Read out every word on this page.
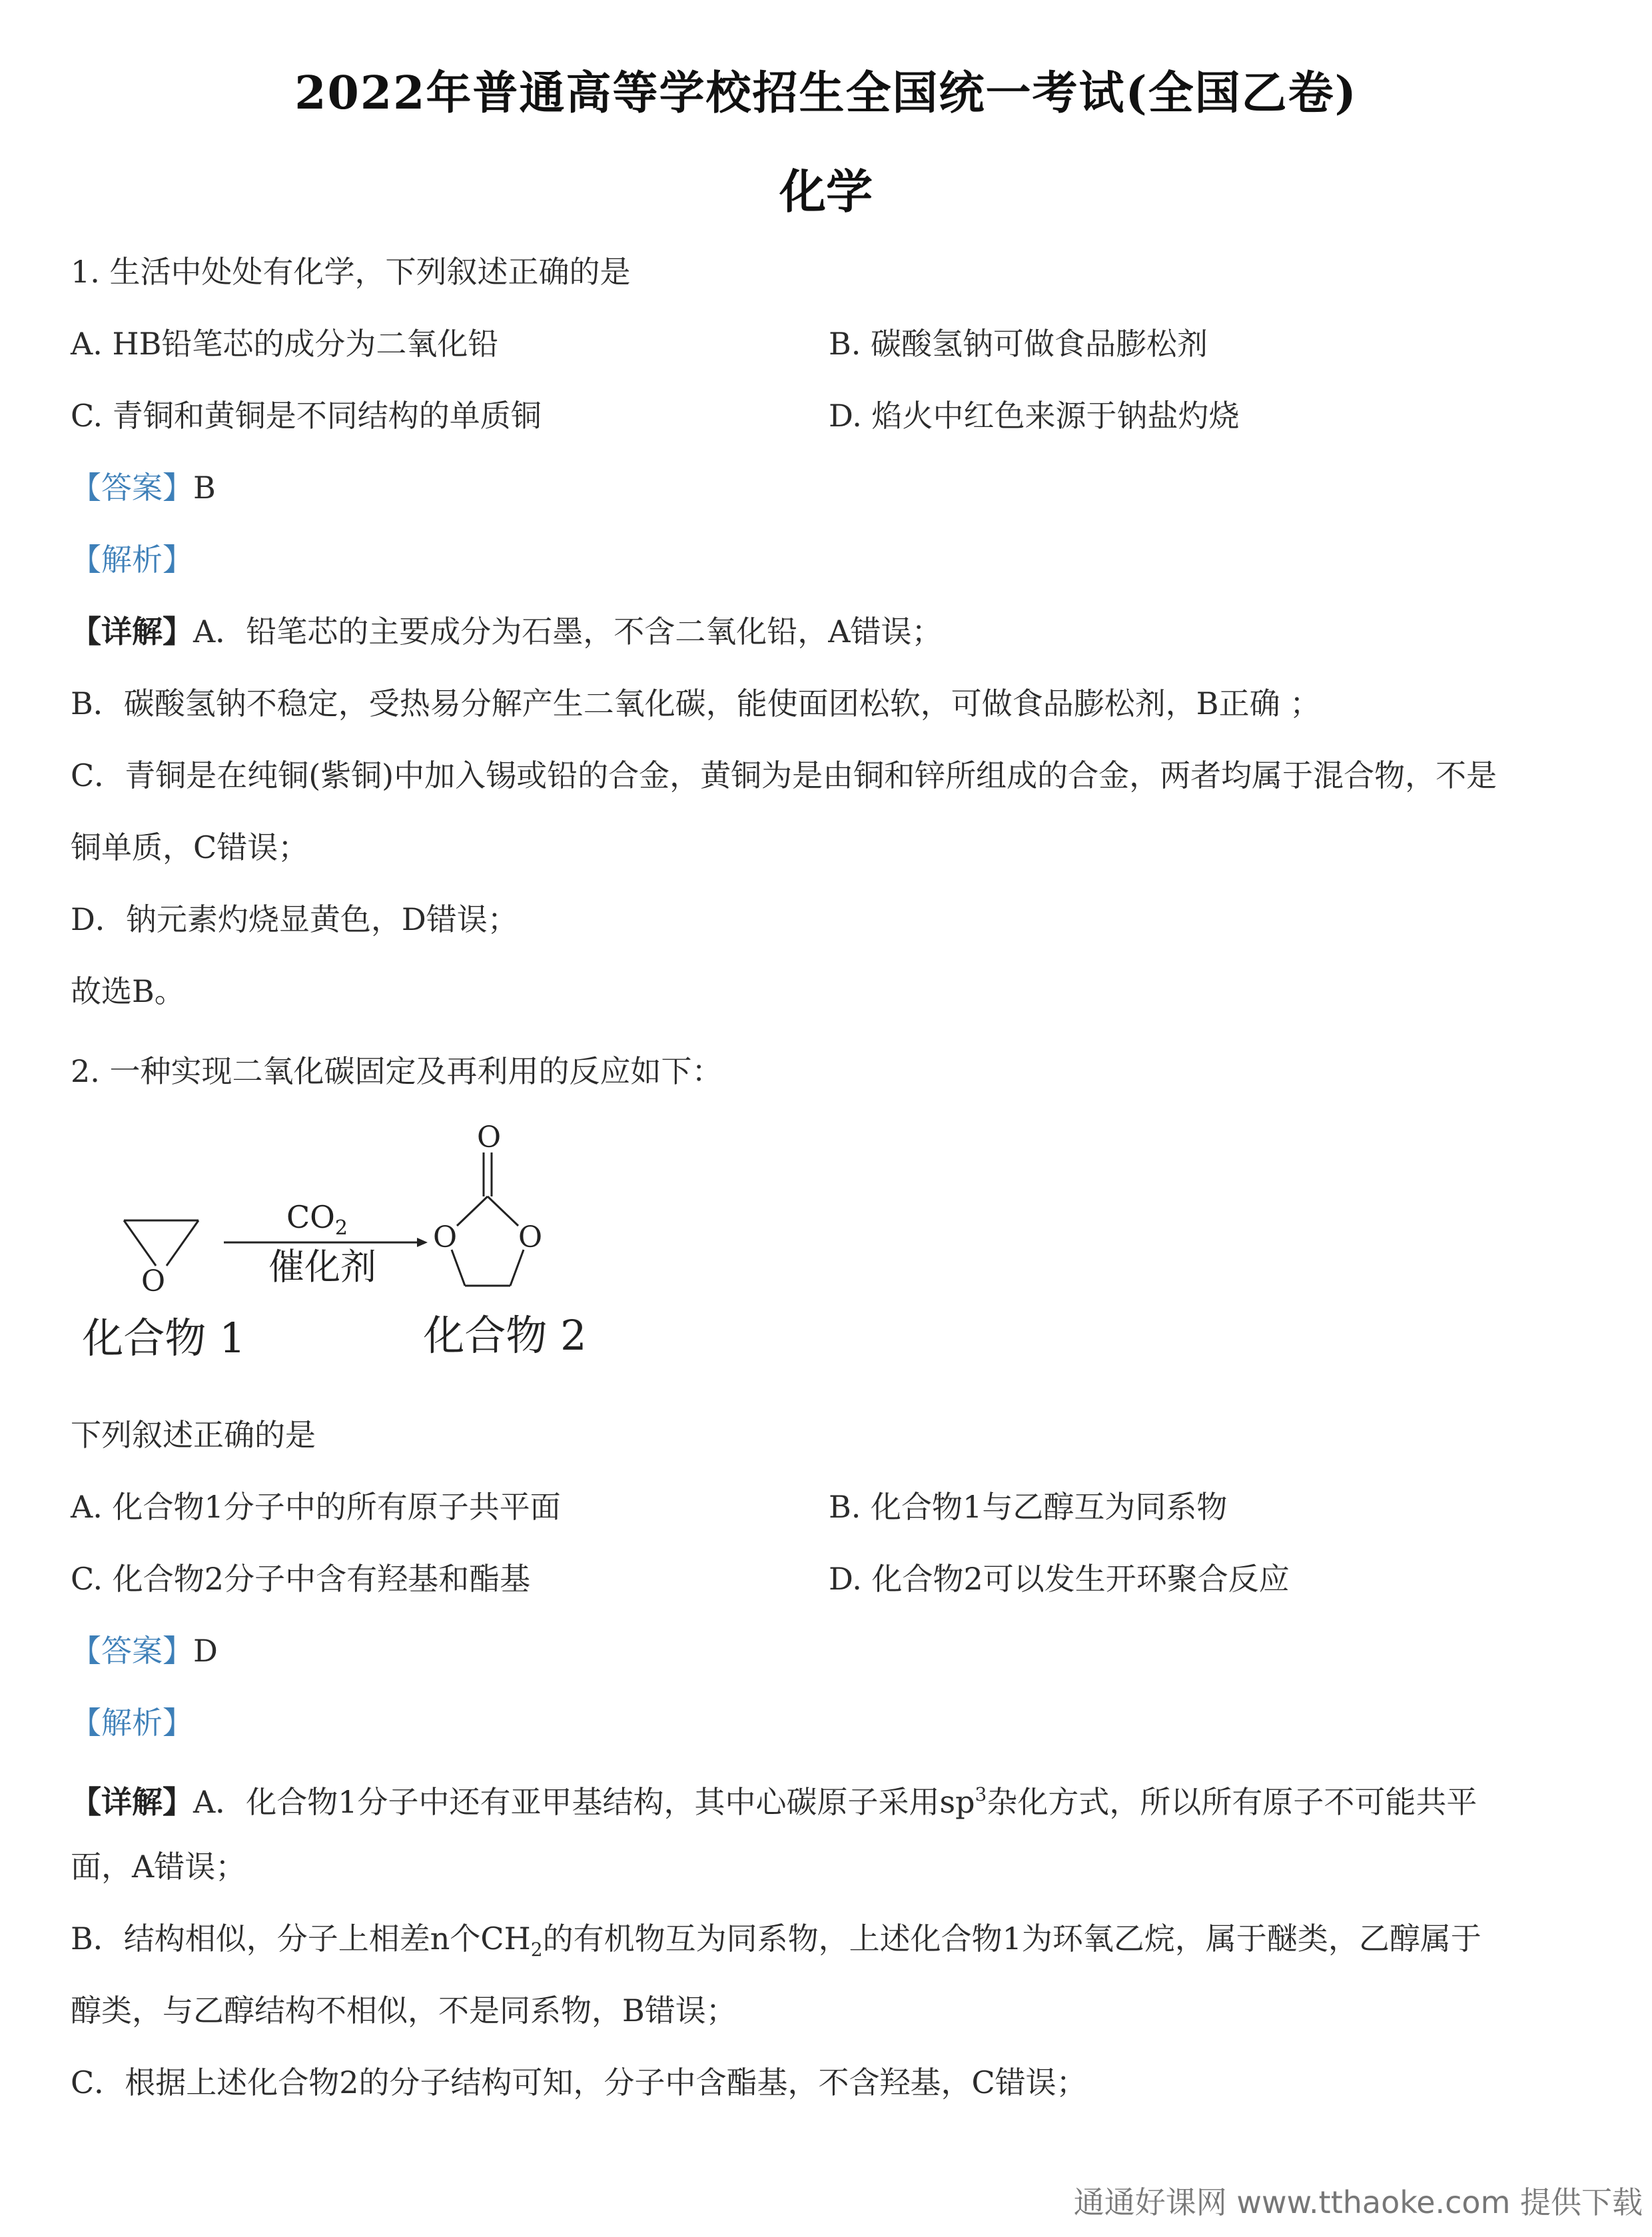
2022年普通高等学校招生全国统一考试(全国乙卷)
化学
1. 生活中处处有化学，下列叙述正确的是
A. HB铅笔芯的成分为二氧化铅	B. 碳酸氢钠可做食品膨松剂
C. 青铜和黄铜是不同结构的单质铜	D. 焰火中红色来源于钠盐灼烧
【答案】B
【解析】
【详解】A．铅笔芯的主要成分为石墨，不含二氧化铅，A错误；
B．碳酸氢钠不稳定，受热易分解产生二氧化碳，能使面团松软，可做食品膨松剂，B正确 ；
C．青铜是在纯铜(紫铜)中加入锡或铅的合金，黄铜为是由铜和锌所组成的合金，两者均属于混合物，不是
铜单质，C错误；
D．钠元素灼烧显黄色，D错误；
故选B。
2. 一种实现二氧化碳固定及再利用的反应如下：
O
$CO_2$
催化剂
O
O O
化合物 1	化合物 2
下列叙述正确的是
A. 化合物1分子中的所有原子共平面	B. 化合物1与乙醇互为同系物
C. 化合物2分子中含有羟基和酯基	D. 化合物2可以发生开环聚合反应
【答案】D
【解析】
【详解】A．化合物1分子中还有亚甲基结构，其中心碳原子采用$sp^3$杂化方式，所以所有原子不可能共平
面，A错误；
B．结构相似，分子上相差n个$CH_2$的有机物互为同系物，上述化合物1为环氧乙烷，属于醚类，乙醇属于
醇类，与乙醇结构不相似，不是同系物，B错误；
C．根据上述化合物2的分子结构可知，分子中含酯基，不含羟基，C错误；
通通好课网 www.tthaoke.com 提供下载
